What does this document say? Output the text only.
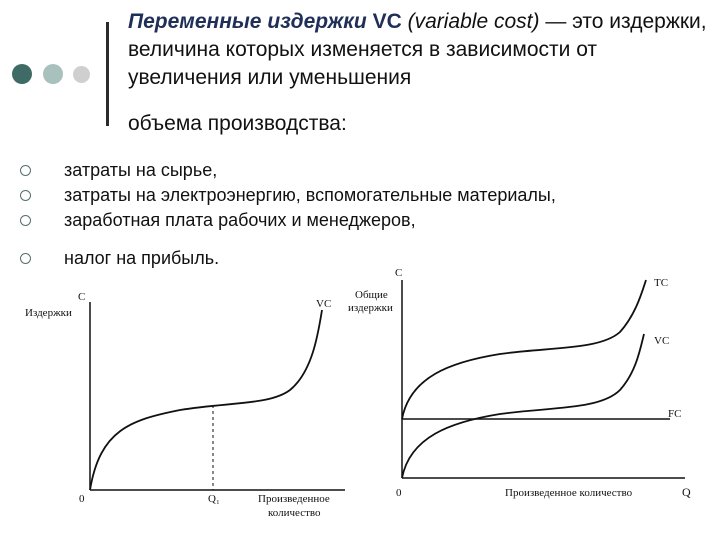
Переменные издержки VC (variable cost) — это издержки, величина которых изменяется в зависимости от увеличения или уменьшения
объема производства:
затраты на сырье,
затраты на электроэнергию, вспомогательные материалы,
заработная плата рабочих и менеджеров,
налог на прибыль.
C
Издержки
VC
0	Q₁	Произведенное
количество
C
Общие
издержки
TC
VC
FC
0	Произведенное количество	Q
